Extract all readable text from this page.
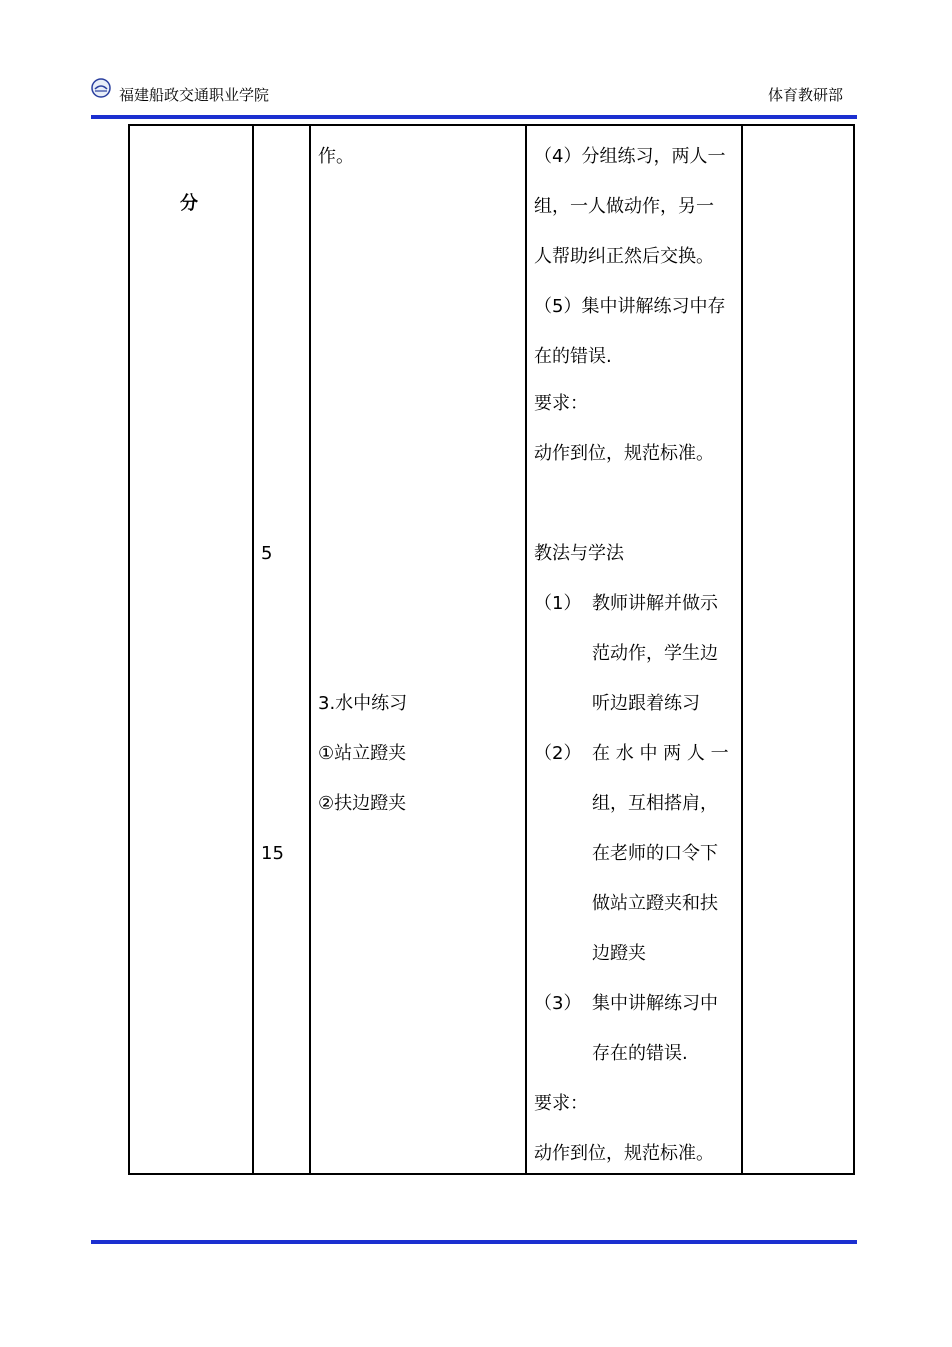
福建船政交通职业学院	体育教研部
分
5
15
作。
3.水中练习
①站立蹬夹
②扶边蹬夹
（4）分组练习，两人一
组，一人做动作，另一
人帮助纠正然后交换。
（5）集中讲解练习中存
在的错误.
要求：
动作到位，规范标准。
教法与学法
（1） 教师讲解并做示
范动作，学生边
听边跟着练习
（2） 在 水 中 两 人 一
组，互相搭肩，
在老师的口令下
做站立蹬夹和扶
边蹬夹
（3） 集中讲解练习中
存在的错误.
要求：
动作到位，规范标准。
